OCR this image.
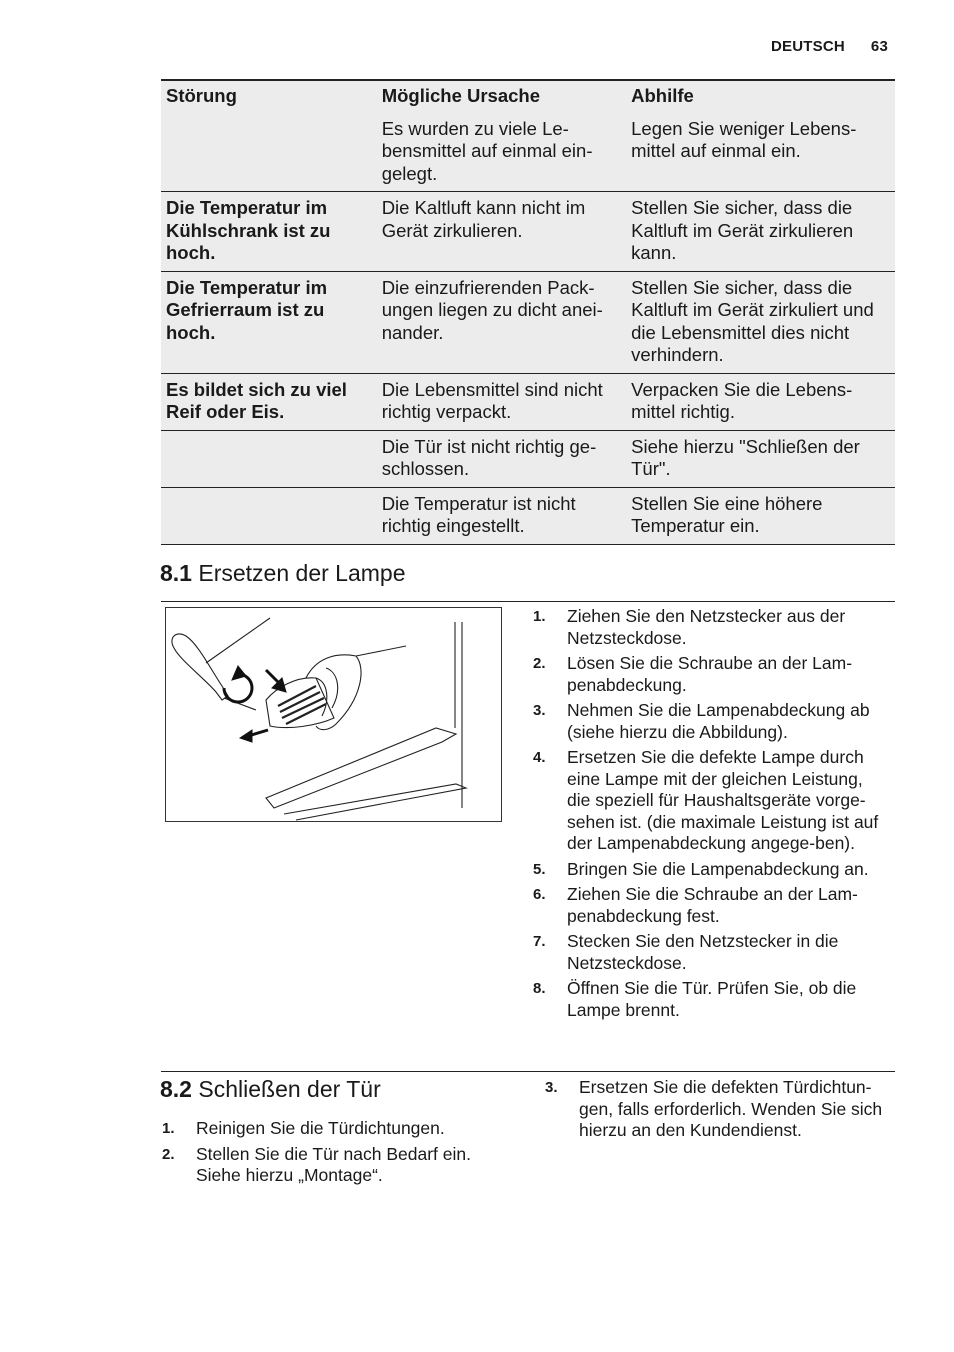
DEUTSCH 63
Störung	Mögliche Ursache	Abhilfe
	Es wurden zu viele Le-bensmittel auf einmal ein-gelegt.	Legen Sie weniger Lebens-mittel auf einmal ein.
Die Temperatur im Kühlschrank ist zu hoch.	Die Kaltluft kann nicht im Gerät zirkulieren.	Stellen Sie sicher, dass die Kaltluft im Gerät zirkulieren kann.
Die Temperatur im Gefrierraum ist zu hoch.	Die einzufrierenden Pack-ungen liegen zu dicht anei-nander.	Stellen Sie sicher, dass die Kaltluft im Gerät zirkuliert und die Lebensmittel dies nicht verhindern.
Es bildet sich zu viel Reif oder Eis.	Die Lebensmittel sind nicht richtig verpackt.	Verpacken Sie die Lebens-mittel richtig.
	Die Tür ist nicht richtig ge-schlossen.	Siehe hierzu "Schließen der Tür".
	Die Temperatur ist nicht richtig eingestellt.	Stellen Sie eine höhere Temperatur ein.
8.1 Ersetzen der Lampe
1. Ziehen Sie den Netzstecker aus der Netzsteckdose.
2. Lösen Sie die Schraube an der Lam-penabdeckung.
3. Nehmen Sie die Lampenabdeckung ab (siehe hierzu die Abbildung).
4. Ersetzen Sie die defekte Lampe durch eine Lampe mit der gleichen Leistung, die speziell für Haushaltsgeräte vorge-sehen ist. (die maximale Leistung ist auf der Lampenabdeckung angege-ben).
5. Bringen Sie die Lampenabdeckung an.
6. Ziehen Sie die Schraube an der Lam-penabdeckung fest.
7. Stecken Sie den Netzstecker in die Netzsteckdose.
8. Öffnen Sie die Tür. Prüfen Sie, ob die Lampe brennt.
8.2 Schließen der Tür
1. Reinigen Sie die Türdichtungen.
2. Stellen Sie die Tür nach Bedarf ein. Siehe hierzu „Montage“.
3. Ersetzen Sie die defekten Türdichtun-gen, falls erforderlich. Wenden Sie sich hierzu an den Kundendienst.
